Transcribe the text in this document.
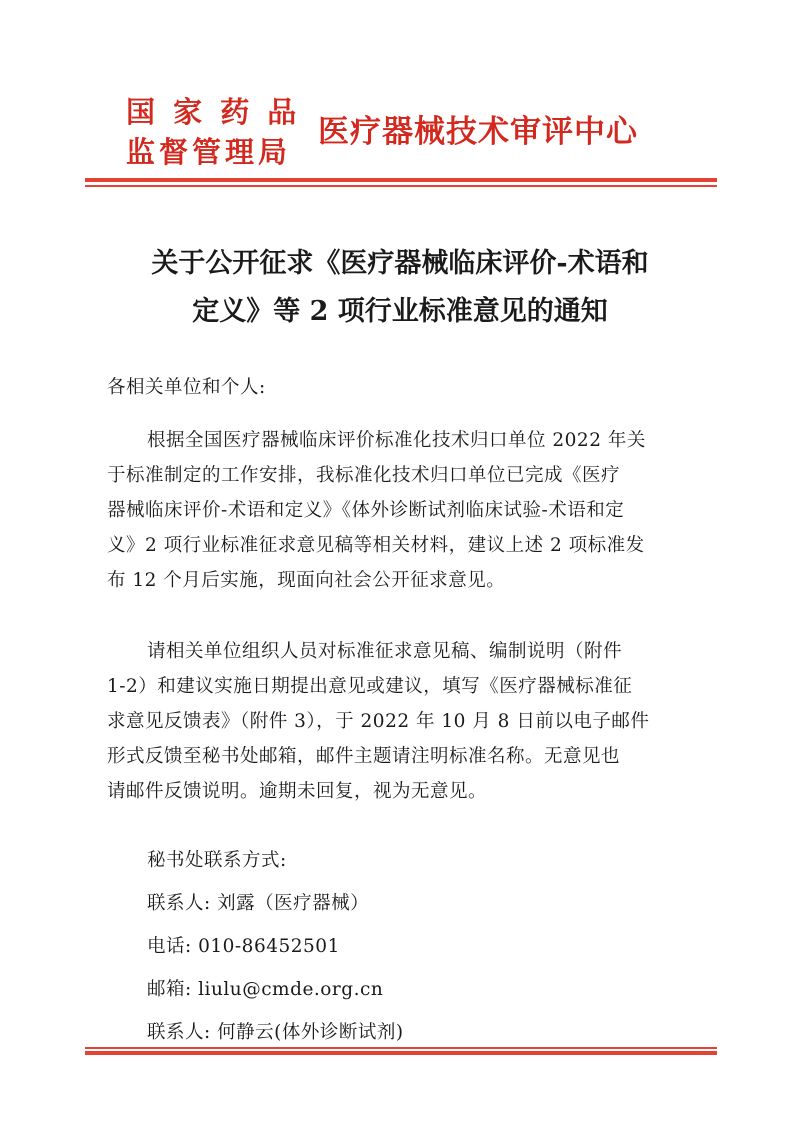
国 家 药 品
监督管理局
医疗器械技术审评中心
关于公开征求《医疗器械临床评价-术语和
定义》等 2 项行业标准意见的通知
各相关单位和个人:
根据全国医疗器械临床评价标准化技术归口单位 2022 年关
于标准制定的工作安排，我标准化技术归口单位已完成《医疗
器械临床评价-术语和定义》《体外诊断试剂临床试验-术语和定
义》2 项行业标准征求意见稿等相关材料，建议上述 2 项标准发
布 12 个月后实施，现面向社会公开征求意见。
请相关单位组织人员对标准征求意见稿、编制说明（附件
1-2）和建议实施日期提出意见或建议，填写《医疗器械标准征
求意见反馈表》（附件 3），于 2022 年 10 月 8 日前以电子邮件
形式反馈至秘书处邮箱，邮件主题请注明标准名称。无意见也
请邮件反馈说明。逾期未回复，视为无意见。
秘书处联系方式:
联系人: 刘露（医疗器械）
电话: 010-86452501
邮箱: liulu@cmde.org.cn
联系人: 何静云(体外诊断试剂)
